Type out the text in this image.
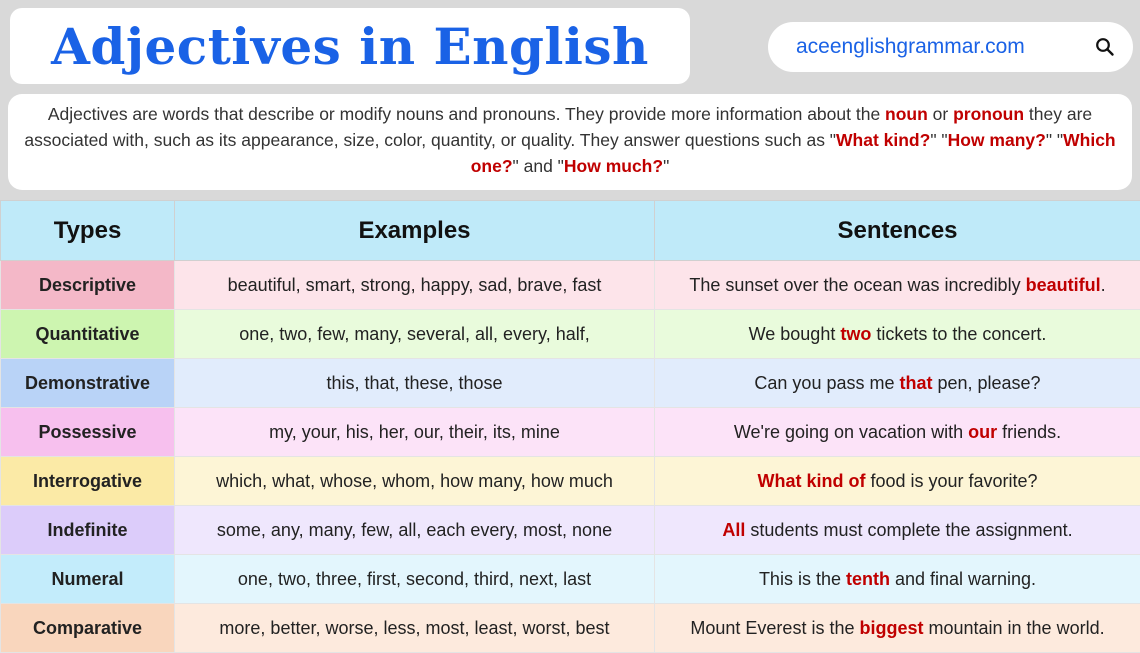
Adjectives in English	aceenglishgrammar.com

Adjectives are words that describe or modify nouns and pronouns. They provide more information about the noun or pronoun they are associated with, such as its appearance, size, color, quantity, or quality. They answer questions such as "What kind?" "How many?" "Which one?" and "How much?"

Types	Examples	Sentences
Descriptive	beautiful, smart, strong, happy, sad, brave, fast	The sunset over the ocean was incredibly beautiful.
Quantitative	one, two, few, many, several, all, every, half,	We bought two tickets to the concert.
Demonstrative	this, that, these, those	Can you pass me that pen, please?
Possessive	my, your, his, her, our, their, its, mine	We're going on vacation with our friends.
Interrogative	which, what, whose, whom, how many, how much	What kind of food is your favorite?
Indefinite	some, any, many, few, all, each every, most, none	All students must complete the assignment.
Numeral	one, two, three, first, second, third, next, last	This is the tenth and final warning.
Comparative	more, better, worse, less, most, least, worst, best	Mount Everest is the biggest mountain in the world.
